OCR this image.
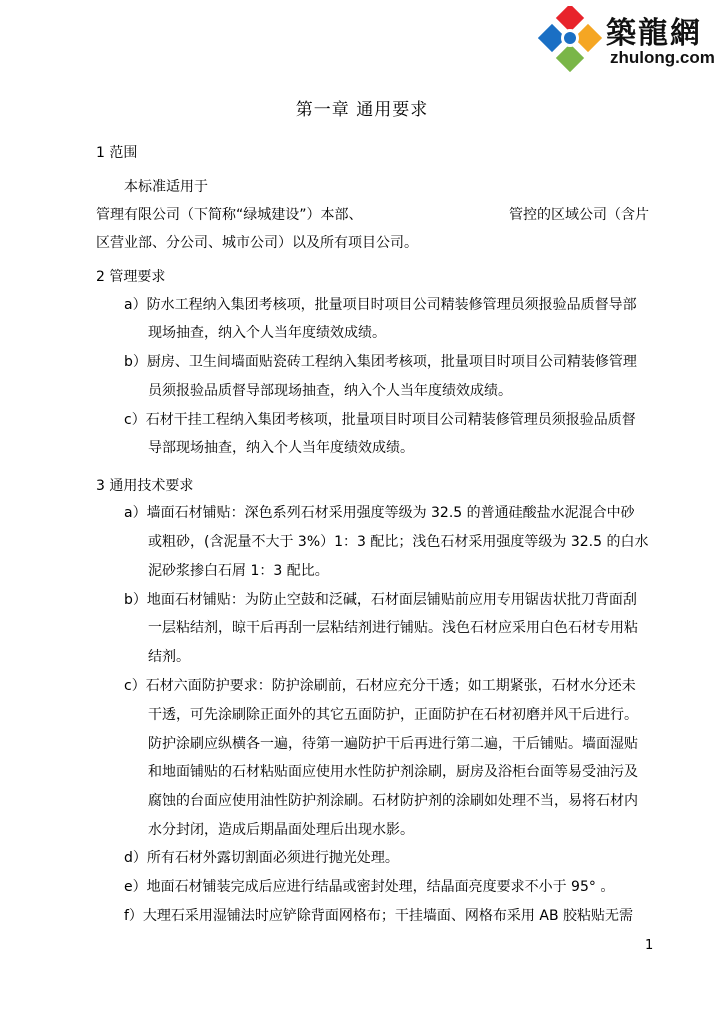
築龍網
zhulong.com
第一章 通用要求
1 范围
本标准适用于
管理有限公司（下简称“绿城建设”）本部、	管控的区域公司（含片
区营业部、分公司、城市公司）以及所有项目公司。
2 管理要求
a）防水工程纳入集团考核项，批量项目时项目公司精装修管理员须报验品质督导部
现场抽查，纳入个人当年度绩效成绩。
b）厨房、卫生间墙面贴瓷砖工程纳入集团考核项，批量项目时项目公司精装修管理
员须报验品质督导部现场抽查，纳入个人当年度绩效成绩。
c）石材干挂工程纳入集团考核项，批量项目时项目公司精装修管理员须报验品质督
导部现场抽查，纳入个人当年度绩效成绩。
3 通用技术要求
a）墙面石材铺贴：深色系列石材采用强度等级为 32.5 的普通硅酸盐水泥混合中砂
或粗砂，(含泥量不大于 3%）1：3 配比；浅色石材采用强度等级为 32.5 的白水
泥砂浆掺白石屑 1：3 配比。
b）地面石材铺贴：为防止空鼓和泛碱，石材面层铺贴前应用专用锯齿状批刀背面刮
一层粘结剂，晾干后再刮一层粘结剂进行铺贴。浅色石材应采用白色石材专用粘
结剂。
c）石材六面防护要求：防护涂刷前，石材应充分干透；如工期紧张，石材水分还未
干透，可先涂刷除正面外的其它五面防护，正面防护在石材初磨并风干后进行。
防护涂刷应纵横各一遍，待第一遍防护干后再进行第二遍，干后铺贴。墙面湿贴
和地面铺贴的石材粘贴面应使用水性防护剂涂刷，厨房及浴柜台面等易受油污及
腐蚀的台面应使用油性防护剂涂刷。石材防护剂的涂刷如处理不当，易将石材内
水分封闭，造成后期晶面处理后出现水影。
d）所有石材外露切割面必须进行抛光处理。
e）地面石材铺装完成后应进行结晶或密封处理，结晶面亮度要求不小于 95° 。
f）大理石采用湿铺法时应铲除背面网格布；干挂墙面、网格布采用 AB 胶粘贴无需
1
